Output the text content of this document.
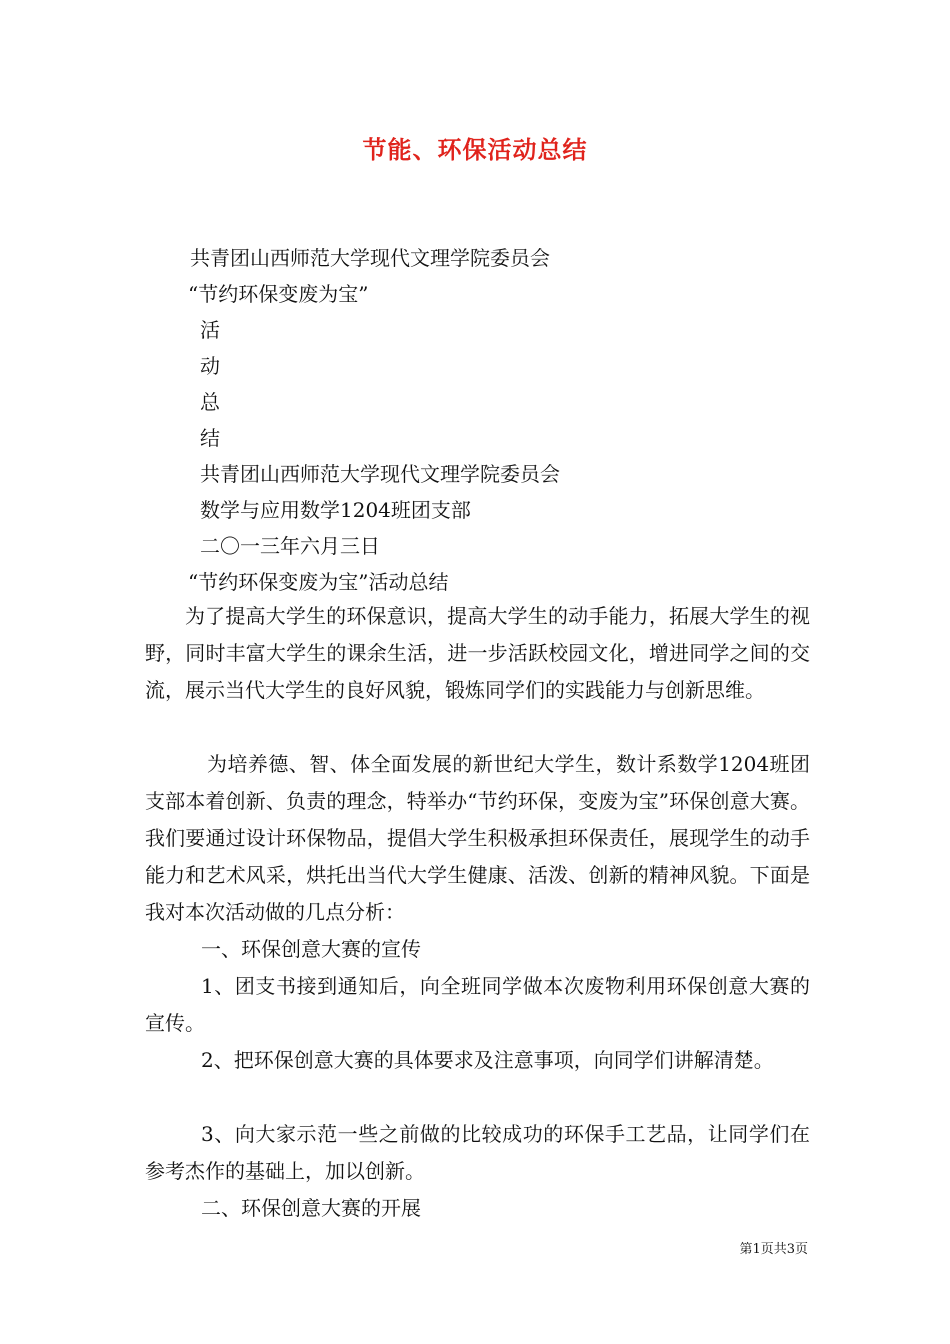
节能、环保活动总结
共青团山西师范大学现代文理学院委员会
“节约环保变废为宝”
活
动
总
结
共青团山西师范大学现代文理学院委员会
数学与应用数学1204班团支部
二〇一三年六月三日
“节约环保变废为宝”活动总结
为了提高大学生的环保意识，提高大学生的动手能力，拓展大学生的视野，同时丰富大学生的课余生活，进一步活跃校园文化，增进同学之间的交流，展示当代大学生的良好风貌，锻炼同学们的实践能力与创新思维。
为培养德、智、体全面发展的新世纪大学生，数计系数学1204班团支部本着创新、负责的理念，特举办“节约环保，变废为宝”环保创意大赛。我们要通过设计环保物品，提倡大学生积极承担环保责任，展现学生的动手能力和艺术风采，烘托出当代大学生健康、活泼、创新的精神风貌。下面是我对本次活动做的几点分析：
一、环保创意大赛的宣传
1、团支书接到通知后，向全班同学做本次废物利用环保创意大赛的宣传。
2、把环保创意大赛的具体要求及注意事项，向同学们讲解清楚。
3、向大家示范一些之前做的比较成功的环保手工艺品，让同学们在参考杰作的基础上，加以创新。
二、环保创意大赛的开展
第1页共3页
